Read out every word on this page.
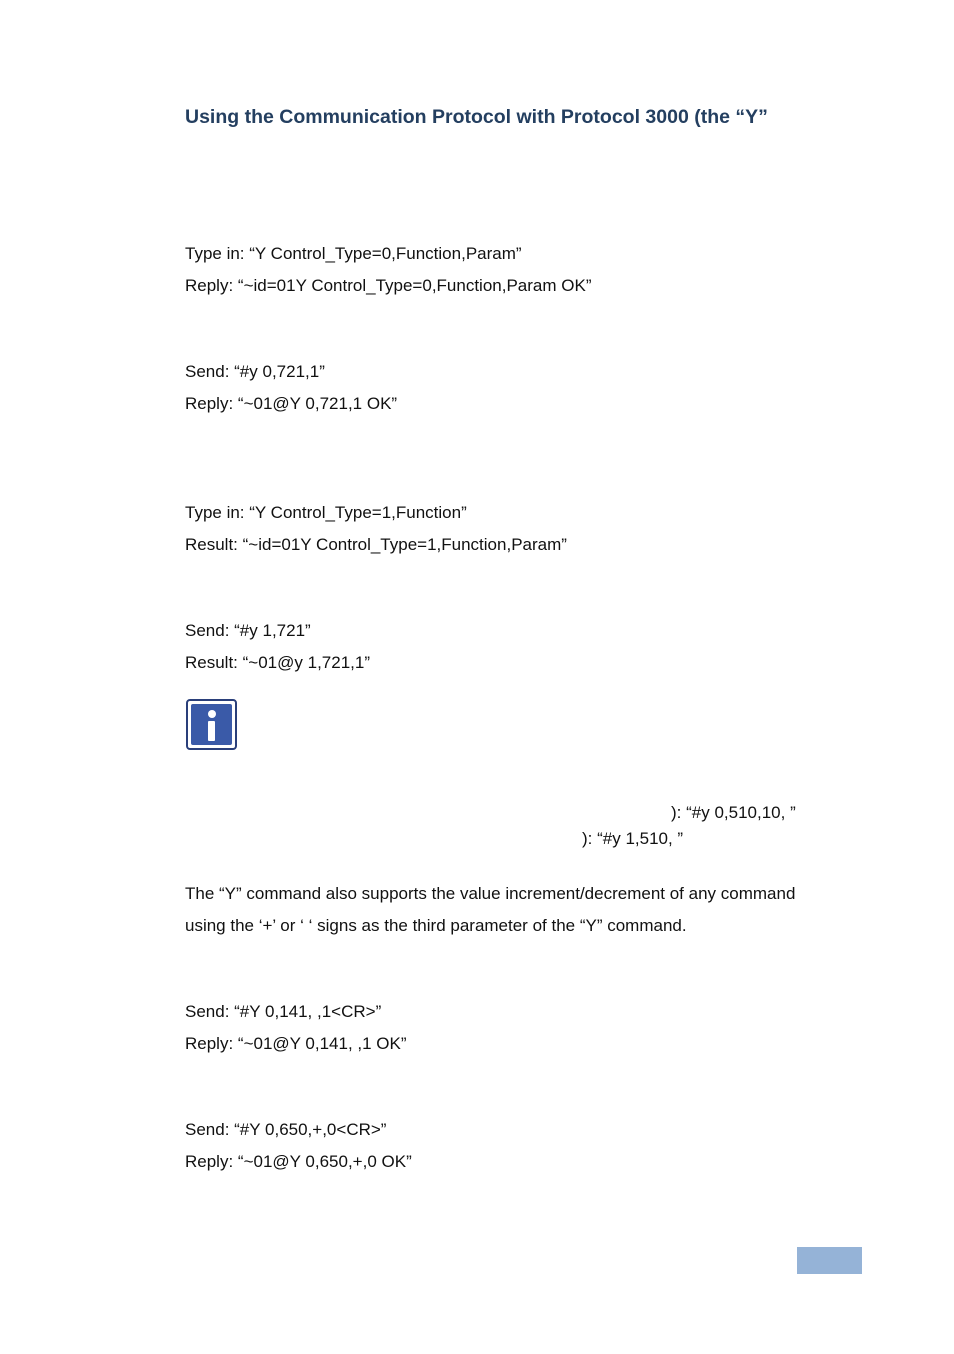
Using the Communication Protocol with Protocol 3000 (the “Y”
Type in: “Y Control_Type=0,Function,Param”
Reply: “~id=01Y Control_Type=0,Function,Param OK”
Send: “#y 0,721,1”
Reply: “~01@Y 0,721,1 OK”
Type in: “Y Control_Type=1,Function”
Result: “~id=01Y Control_Type=1,Function,Param”
Send: “#y 1,721”
Result: “~01@y 1,721,1”
): “#y 0,510,10, ”
): “#y 1,510, ”
The “Y” command also supports the value increment/decrement of any command
using the ‘+’ or ‘ ‘ signs as the third parameter of the “Y” command.
Send: “#Y 0,141, ,1<CR>”
Reply: “~01@Y 0,141, ,1 OK”
Send: “#Y 0,650,+,0<CR>”
Reply: “~01@Y 0,650,+,0 OK”
